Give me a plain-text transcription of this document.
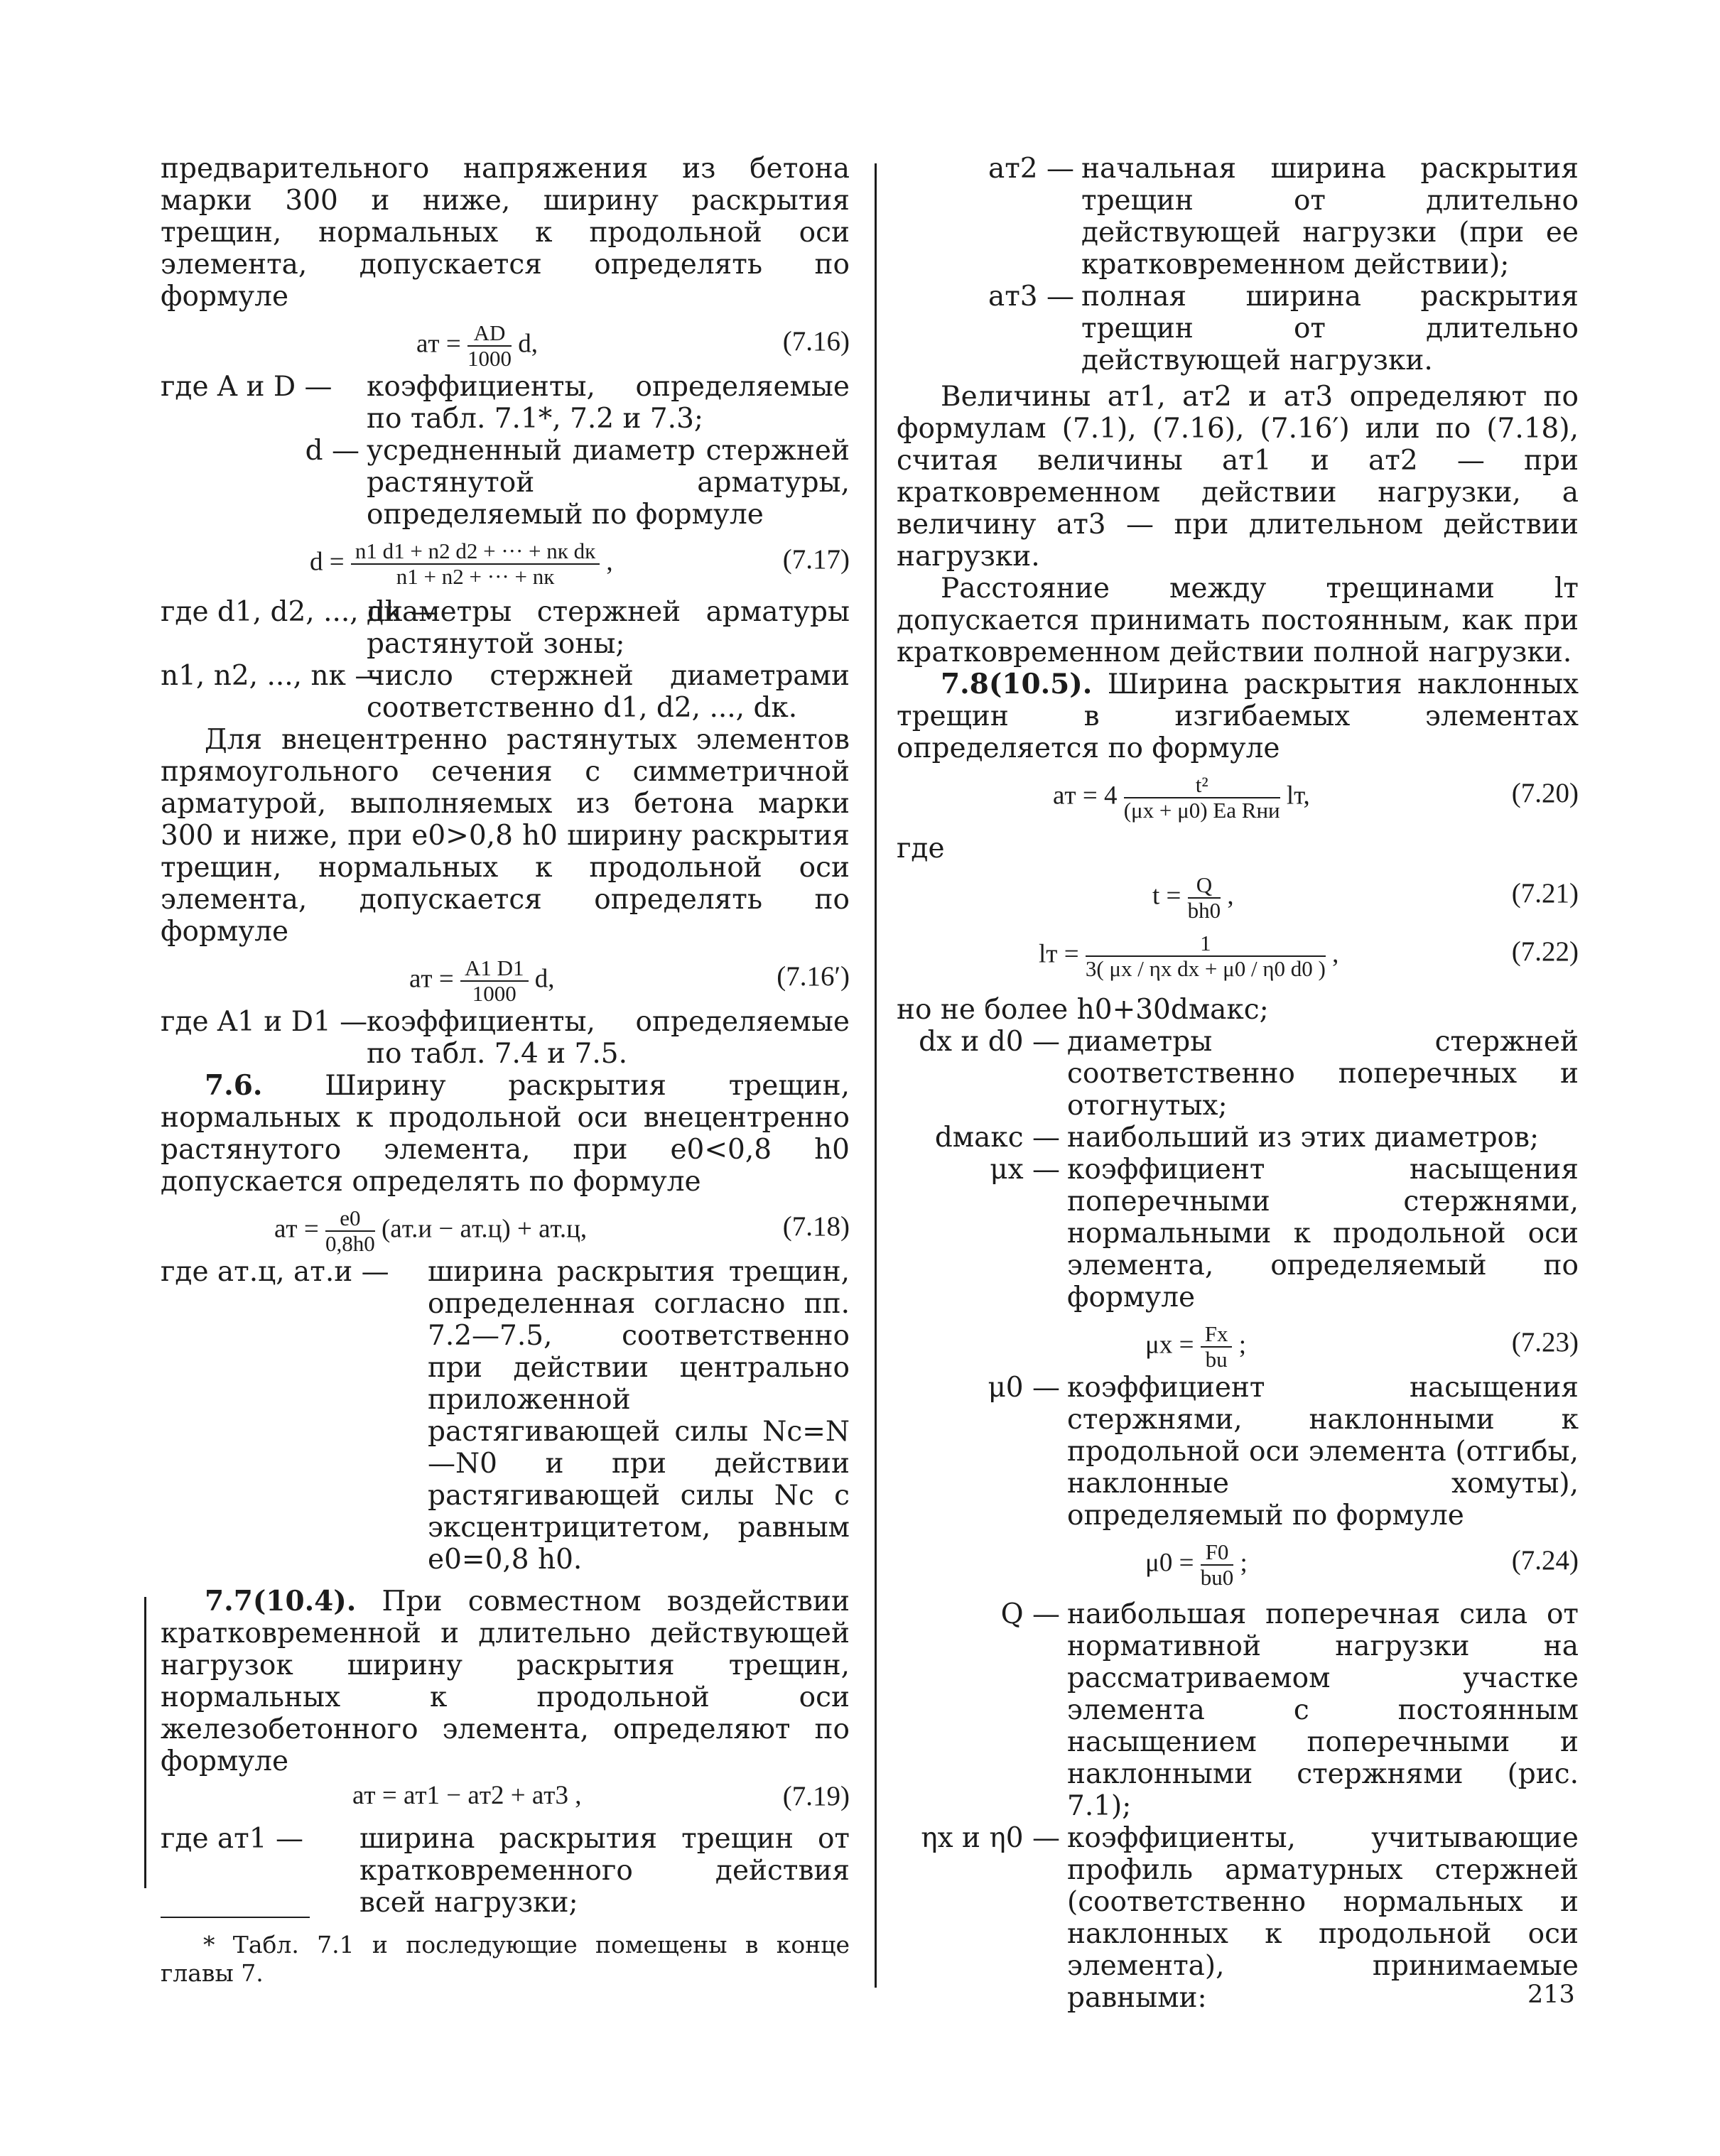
предварительного напряжения из бетона марки 300 и ниже, ширину раскрытия трещин, нормальных к продольной оси элемента, допускается определять по формуле

aт = $\frac{AD}{1000} d$,	(7.16)
где A и D —	коэффициенты, определяемые по табл. 7.1*, 7.2 и 7.3;
d — усредненный диаметр стержней растянутой арматуры, определяемый по формуле
$d = \frac{\text{n1 d1 + n2 d2 + ··· + nк dк}}{n1 + n2 + \cdot\cdot\cdot + nк}$ ,	(7.17)
где d1, d2, ..., dk —
диаметры стержней арматуры растянутой зоны;
n1, n2, ..., nк —
число стержней диаметрами соответственно d1, d2, ..., dк.

Для внецентренно растянутых элементов прямоугольного сечения с симметричной арматурой, выполняемых из бетона марки 300 и ниже, при e0>0,8 h0 ширину раскрытия трещин, нормальных к продольной оси элемента, допускается определять по формуле

aт = $\frac{A1 D1}{1000} d$,	(7.16′)
где A1 и D1 —
коэффициенты, определяемые по табл. 7.4 и 7.5.

7.6. Ширину раскрытия трещин, нормальных к продольной оси внецентренно растянутого элемента, при e0<0,8 h0 допускается определять по формуле

aт = $\frac{e0}{0,8h0} (aт.и - aт.ц) + aт.ц$,	(7.18)
где aт.ц, aт.и —	ширина раскрытия трещин, определенная согласно пп. 7.2—7.5, соответственно при действии центрально приложенной растягивающей силы Nc=N—N0 и при действии растягивающей силы Nc с эксцентрицитетом, равным e0=0,8 h0.

7.7(10.4). При совместном воздействии кратковременной и длительно действующей нагрузок ширину раскрытия трещин, нормальных к продольной оси железобетонного элемента, определяют по формуле

aт = aт1 − aт2 + aт3 ,	(7.19)
где aт1 —	ширина раскрытия трещин от кратковременного действия всей нагрузки;

* Табл. 7.1 и последующие помещены в конце главы 7.

aт2 — начальная ширина раскрытия трещин от длительно действующей нагрузки (при ее кратковременном действии);
aт3 — полная ширина раскрытия трещин от длительно действующей нагрузки.

Величины aт1, aт2 и aт3 определяют по формулам (7.1), (7.16), (7.16′) или по (7.18), считая величины aт1 и aт2 — при кратковременном действии нагрузки, а величину aт3 — при длительном действии нагрузки.

Расстояние между трещинами lт допускается принимать постоянным, как при кратковременном действии полной нагрузки.

7.8(10.5). Ширина раскрытия наклонных трещин в изгибаемых элементах определяется по формуле

aт = $4 \frac{\text{t²}}{\text{(μx + μ0) Eа Rни}}$ lт,	(7.20)

где

$t = \frac{Q}{bh0}$ ,	(7.21)
lт = $\frac{1}{\text{3( μx / ηx dx + μ0 / η0 d0 )}}$ ,	(7.22)

но не более h0+30dмакс;

dx и d0 — диаметры стержней соответственно поперечных и отогнутых;
dмакс — наибольший из этих диаметров;
μx — коэффициент насыщения поперечными стержнями, нормальными к продольной оси элемента, определяемый по формуле
$\mu x = \frac{Fx}{bu}$ ;	(7.23)
μ0 — коэффициент насыщения стержнями, наклонными к продольной оси элемента (отгибы, наклонные хомуты), определяемый по формуле
$\mu 0 = \frac{F0}{bu0}$ ;	(7.24)
Q — наибольшая поперечная сила от нормативной нагрузки на рассматриваемом участке элемента с постоянным насыщением поперечными и наклонными стержнями (рис. 7.1);
ηx и η0 — коэффициенты, учитывающие профиль арматурных стержней (соответственно нормальных и наклонных к продольной оси элемента), принимаемые равными:	213
